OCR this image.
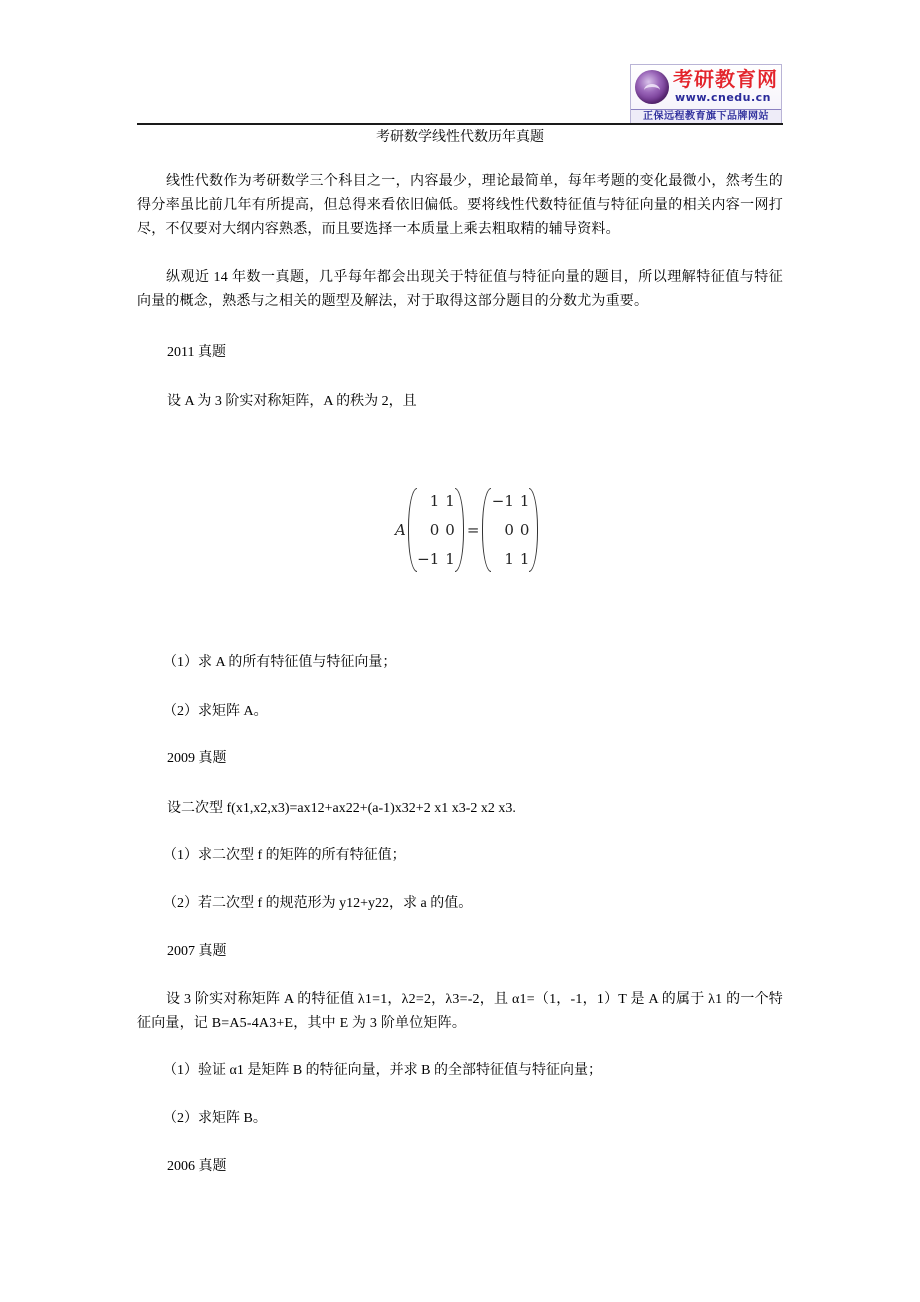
考研教育网
www.cnedu.cn
正保远程教育旗下品牌网站
考研数学线性代数历年真题

线性代数作为考研数学三个科目之一，内容最少，理论最简单，每年考题的变化最微小，然考生的得分率虽比前几年有所提高，但总得来看依旧偏低。要将线性代数特征值与特征向量的相关内容一网打尽，不仅要对大纲内容熟悉，而且要选择一本质量上乘去粗取精的辅导资料。

纵观近 14 年数一真题，几乎每年都会出现关于特征值与特征向量的题目，所以理解特征值与特征向量的概念，熟悉与之相关的题型及解法，对于取得这部分题目的分数尤为重要。

2011 真题
设 A 为 3 阶实对称矩阵，A 的秩为 2，且
A
1 1
0 0
−1 1
=
−1 1
0 0
1 1
（1）求 A 的所有特征值与特征向量；
（2）求矩阵 A。
2009 真题
设二次型 f(x1,x2,x3)=ax12+ax22+(a-1)x32+2 x1 x3-2 x2 x3.
（1）求二次型 f 的矩阵的所有特征值；
（2）若二次型 f 的规范形为 y12+y22，求 a 的值。
2007 真题

设 3 阶实对称矩阵 A 的特征值 λ1=1，λ2=2，λ3=-2，且 α1=（1，-1，1）T 是 A 的属于 λ1 的一个特征向量，记 B=A5-4A3+E，其中 E 为 3 阶单位矩阵。

（1）验证 α1 是矩阵 B 的特征向量，并求 B 的全部特征值与特征向量；
（2）求矩阵 B。
2006 真题
